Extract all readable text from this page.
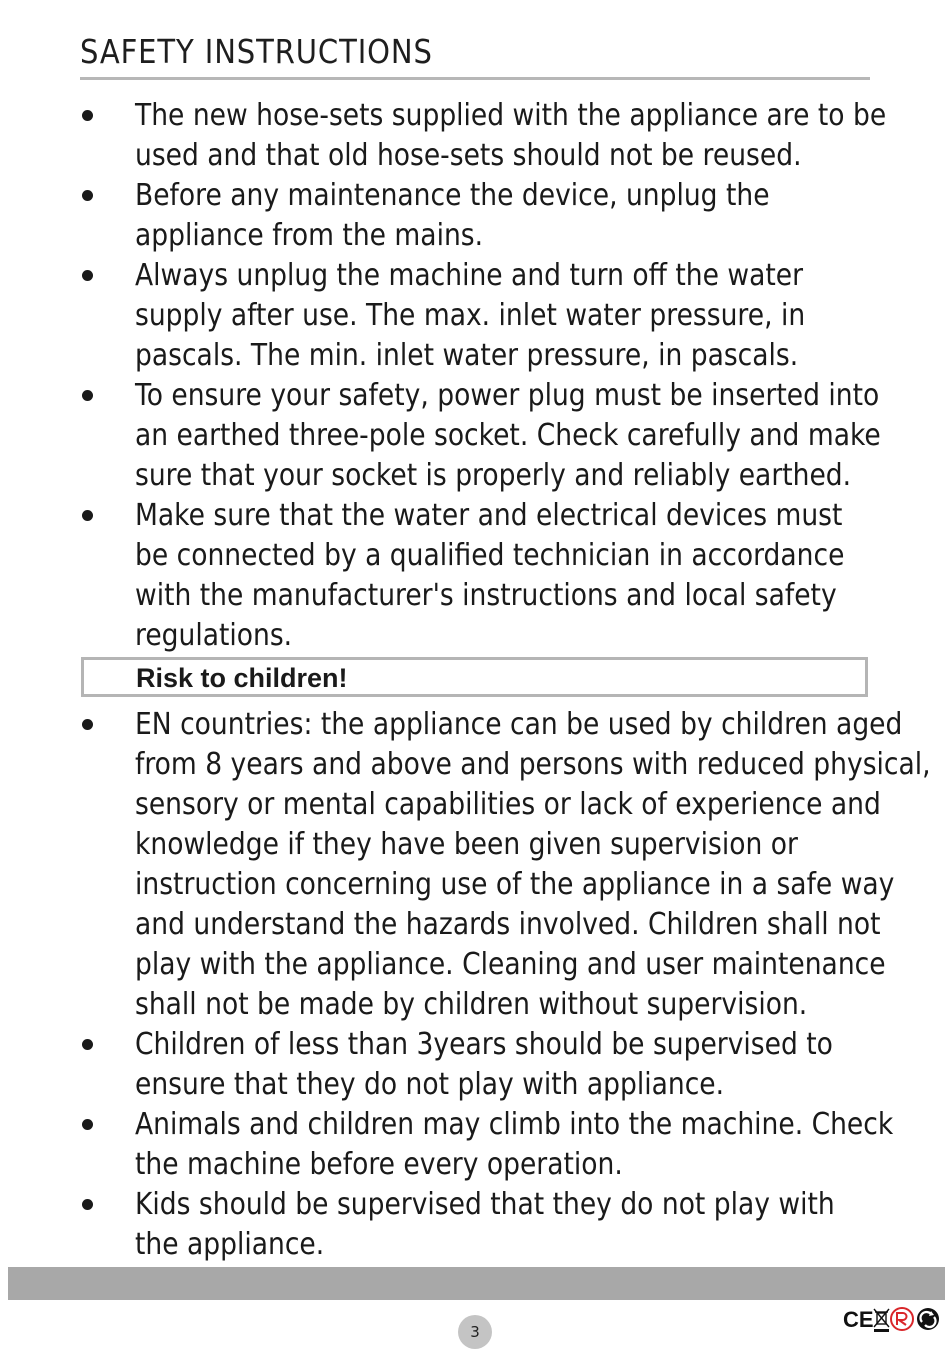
SAFETY INSTRUCTIONS
The new hose-sets supplied with the appliance are to be
used and that old hose-sets should not be reused.
Before any maintenance the device, unplug the
appliance from the mains.
Always unplug the machine and turn off the water
supply after use. The max. inlet water pressure, in
pascals. The min. inlet water pressure, in pascals.
To ensure your safety, power plug must be inserted into
an earthed three-pole socket. Check carefully and make
sure that your socket is properly and reliably earthed.
Make sure that the water and electrical devices must
be connected by a qualified technician in accordance
with the manufacturer's instructions and local safety
regulations.
Risk to children!
EN countries: the appliance can be used by children aged
from 8 years and above and persons with reduced physical,
sensory or mental capabilities or lack of experience and
knowledge if they have been given supervision or
instruction concerning use of the appliance in a safe way
and understand the hazards involved. Children shall not
play with the appliance. Cleaning and user maintenance
shall not be made by children without supervision.
Children of less than 3years should be supervised to
ensure that they do not play with appliance.
Animals and children may climb into the machine. Check
the machine before every operation.
Kids should be supervised that they do not play with
the appliance.
3	CE
